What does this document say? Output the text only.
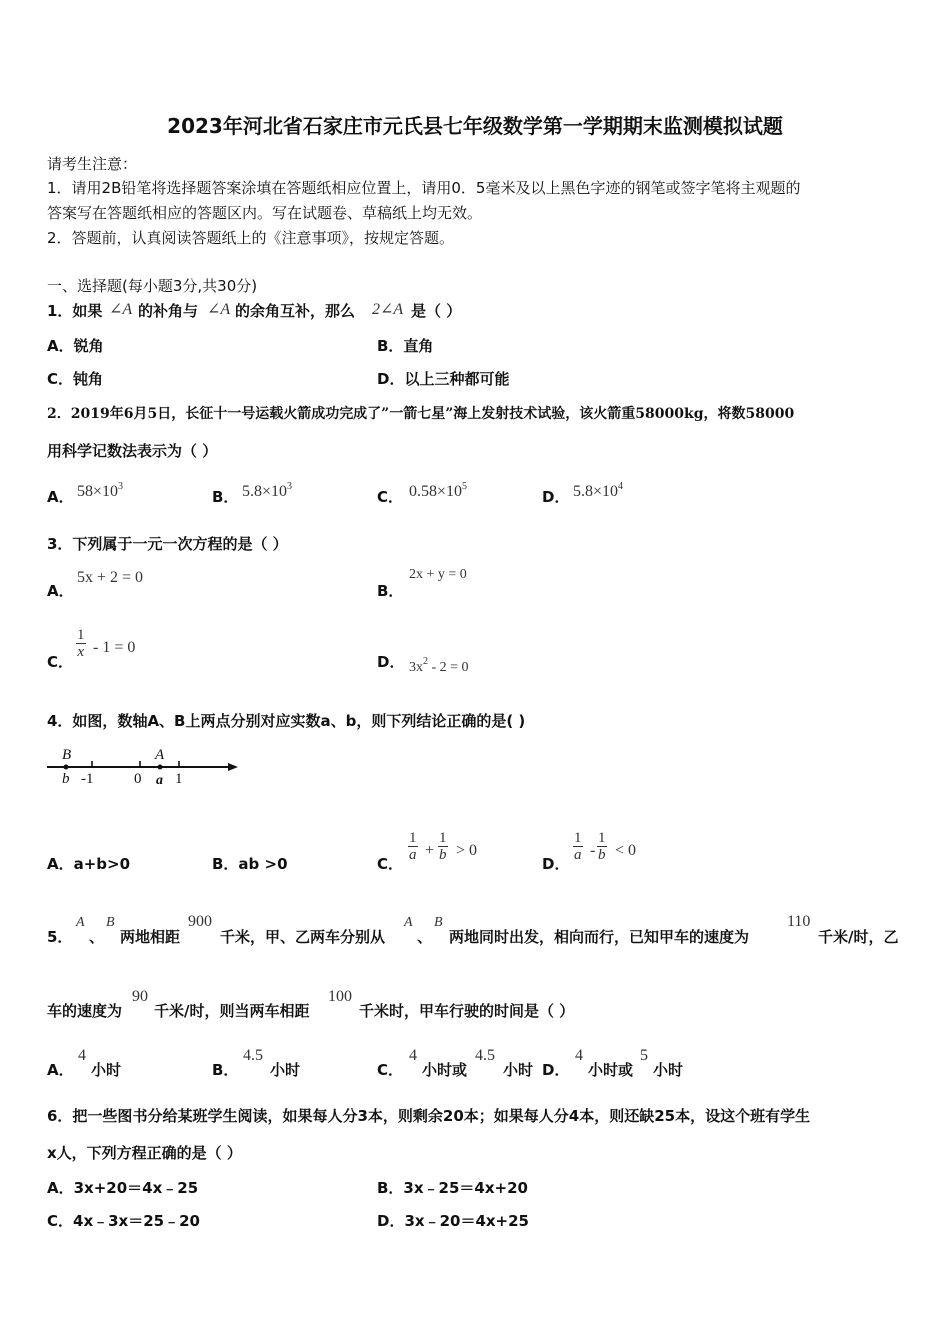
2023年河北省石家庄市元氏县七年级数学第一学期期末监测模拟试题
请考生注意：
1．请用2B铅笔将选择题答案涂填在答题纸相应位置上，请用0．5毫米及以上黑色字迹的钢笔或签字笔将主观题的
答案写在答题纸相应的答题区内。写在试题卷、草稿纸上均无效。
2．答题前，认真阅读答题纸上的《注意事项》，按规定答题。
一、选择题(每小题3分,共30分)
1．如果 ∠A 的补角与 ∠A 的余角互补，那么 2∠A 是（ ）
A．锐角	B．直角
C．钝角	D．以上三种都可能
2．2019年6月5日，长征十一号运载火箭成功完成了”一箭七星”海上发射技术试验，该火箭重58000kg，将数58000
用科学记数法表示为（ ）
A． $58\times 10^3$
B． $5.8\times 10^3$
C． $0.58\times 10^5$
D． $5.8\times 10^4$
3．下列属于一元一次方程的是（ ）
A．
5x + 2 = 0
B．
2x + y = 0
C．
$\frac{1}{x} - 1 = 0$
D． $3x^2 - 2 = 0$
4．如图，数轴A、B上两点分别对应实数a、b，则下列结论正确的是( )
B
b -1	0
A
a 1
A．a+b>0	B．ab >0	C．
$\frac{1}{a} + \frac{1}{b} > 0$
D．
$\frac{1}{a} - \frac{1}{b} < 0$
5．
A
、
B
两地相距
900
千米，甲、乙两车分别从
A
、
B
两地同时出发，相向而行，已知甲车的速度为
110
千米/时，乙
车的速度为
90
千米/时，则当两车相距
100
千米时，甲车行驶的时间是（ ）
A．
4
小时	B．
4.5
小时	C．
4
小时或
4.5
小时 D．
4
小时或
5
小时
6．把一些图书分给某班学生阅读，如果每人分3本，则剩余20本；如果每人分4本，则还缺25本，设这个班有学生
x人，下列方程正确的是（ ）
A．3x+20＝4x﹣25	B．3x﹣25＝4x+20
C．4x﹣3x＝25﹣20	D．3x﹣20＝4x+25
